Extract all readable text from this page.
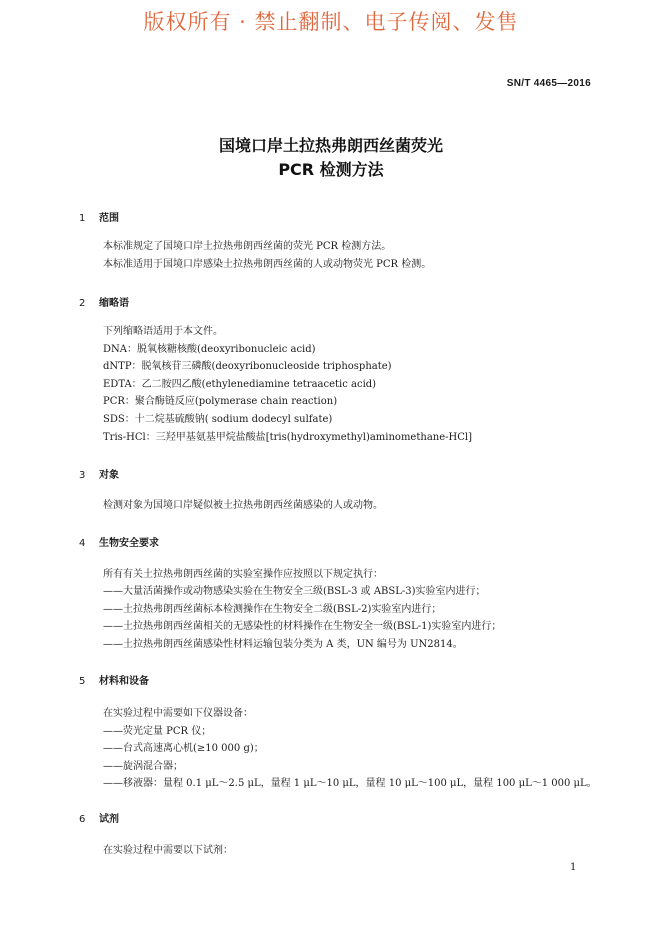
版权所有 · 禁止翻制、电子传阅、发售
SN/T 4465—2016
国境口岸土拉热弗朗西丝菌荧光
PCR 检测方法
1 范围
本标准规定了国境口岸土拉热弗朗西丝菌的荧光 PCR 检测方法。
本标准适用于国境口岸感染土拉热弗朗西丝菌的人或动物荧光 PCR 检测。
2 缩略语
下列缩略语适用于本文件。
DNA：脱氧核糖核酸(deoxyribonucleic acid)
dNTP：脱氧核苷三磷酸(deoxyribonucleoside triphosphate)
EDTA：乙二胺四乙酸(ethylenediamine tetraacetic acid)
PCR：聚合酶链反应(polymerase chain reaction)
SDS：十二烷基硫酸钠( sodium dodecyl sulfate)
Tris-HCl：三羟甲基氨基甲烷盐酸盐[tris(hydroxymethyl)aminomethane-HCl]
3 对象
检测对象为国境口岸疑似被土拉热弗朗西丝菌感染的人或动物。
4 生物安全要求
所有有关土拉热弗朗西丝菌的实验室操作应按照以下规定执行：
——大量活菌操作或动物感染实验在生物安全三级(BSL-3 或 ABSL-3)实验室内进行；
——土拉热弗朗西丝菌标本检测操作在生物安全二级(BSL-2)实验室内进行；
——土拉热弗朗西丝菌相关的无感染性的材料操作在生物安全一级(BSL-1)实验室内进行；
——土拉热弗朗西丝菌感染性材料运输包装分类为 A 类，UN 编号为 UN2814。
5 材料和设备
在实验过程中需要如下仪器设备：
——荧光定量 PCR 仪；
——台式高速离心机(≥10 000 g)；
——旋涡混合器；
——移液器：量程 0.1 μL～2.5 μL，量程 1 μL～10 μL，量程 10 μL～100 μL，量程 100 μL～1 000 μL。
6 试剂
在实验过程中需要以下试剂：
1
